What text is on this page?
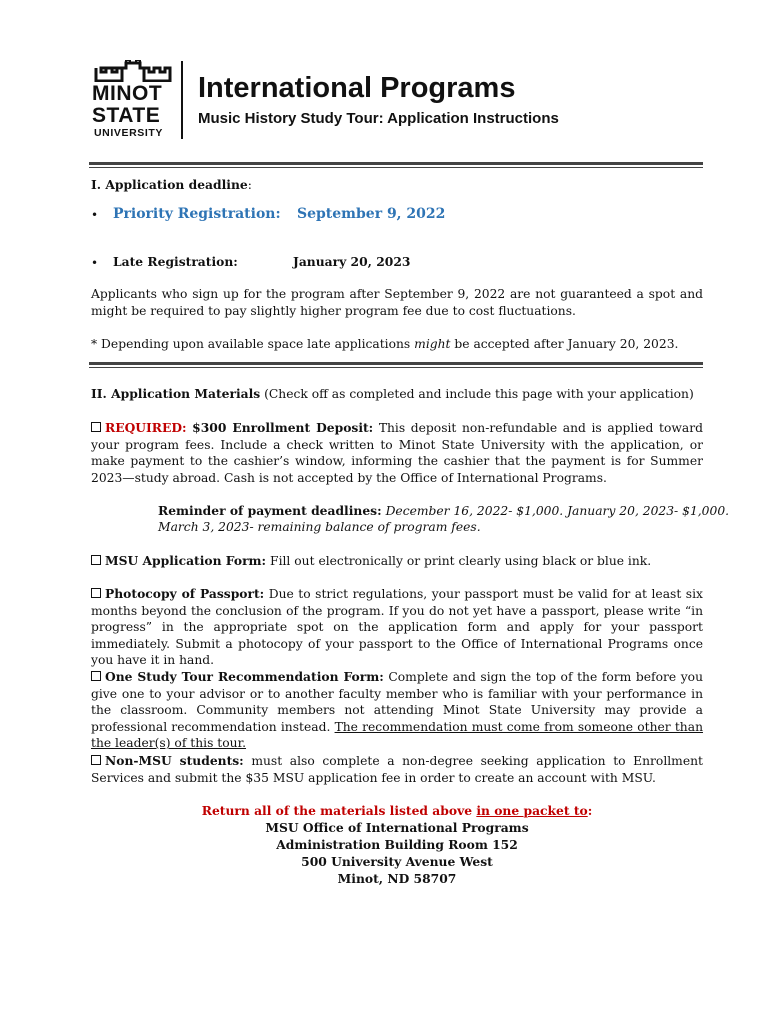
MINOT
STATE
UNIVERSITY
International Programs
Music History Study Tour: Application Instructions
I. Application deadline:
• Priority Registration: September 9, 2022
• Late Registration:	January 20, 2023
Applicants who sign up for the program after September 9, 2022 are not guaranteed a spot and might be required to pay slightly higher program fee due to cost fluctuations.
* Depending upon available space late applications might be accepted after January 20, 2023.
II. Application Materials (Check off as completed and include this page with your application)
REQUIRED: $300 Enrollment Deposit: This deposit non-refundable and is applied toward your program fees. Include a check written to Minot State University with the application, or make payment to the cashier’s window, informing the cashier that the payment is for Summer 2023—study abroad. Cash is not accepted by the Office of International Programs.
Reminder of payment deadlines: December 16, 2022- $1,000. January 20, 2023- $1,000.
March 3, 2023- remaining balance of program fees.
MSU Application Form: Fill out electronically or print clearly using black or blue ink.
Photocopy of Passport: Due to strict regulations, your passport must be valid for at least six months beyond the conclusion of the program. If you do not yet have a passport, please write “in progress” in the appropriate spot on the application form and apply for your passport immediately. Submit a photocopy of your passport to the Office of International Programs once you have it in hand.
One Study Tour Recommendation Form: Complete and sign the top of the form before you give one to your advisor or to another faculty member who is familiar with your performance in the classroom. Community members not attending Minot State University may provide a professional recommendation instead. The recommendation must come from someone other than the leader(s) of this tour.
Non-MSU students: must also complete a non-degree seeking application to Enrollment Services and submit the $35 MSU application fee in order to create an account with MSU.
Return all of the materials listed above in one packet to:
MSU Office of International Programs
Administration Building Room 152
500 University Avenue West
Minot, ND 58707
